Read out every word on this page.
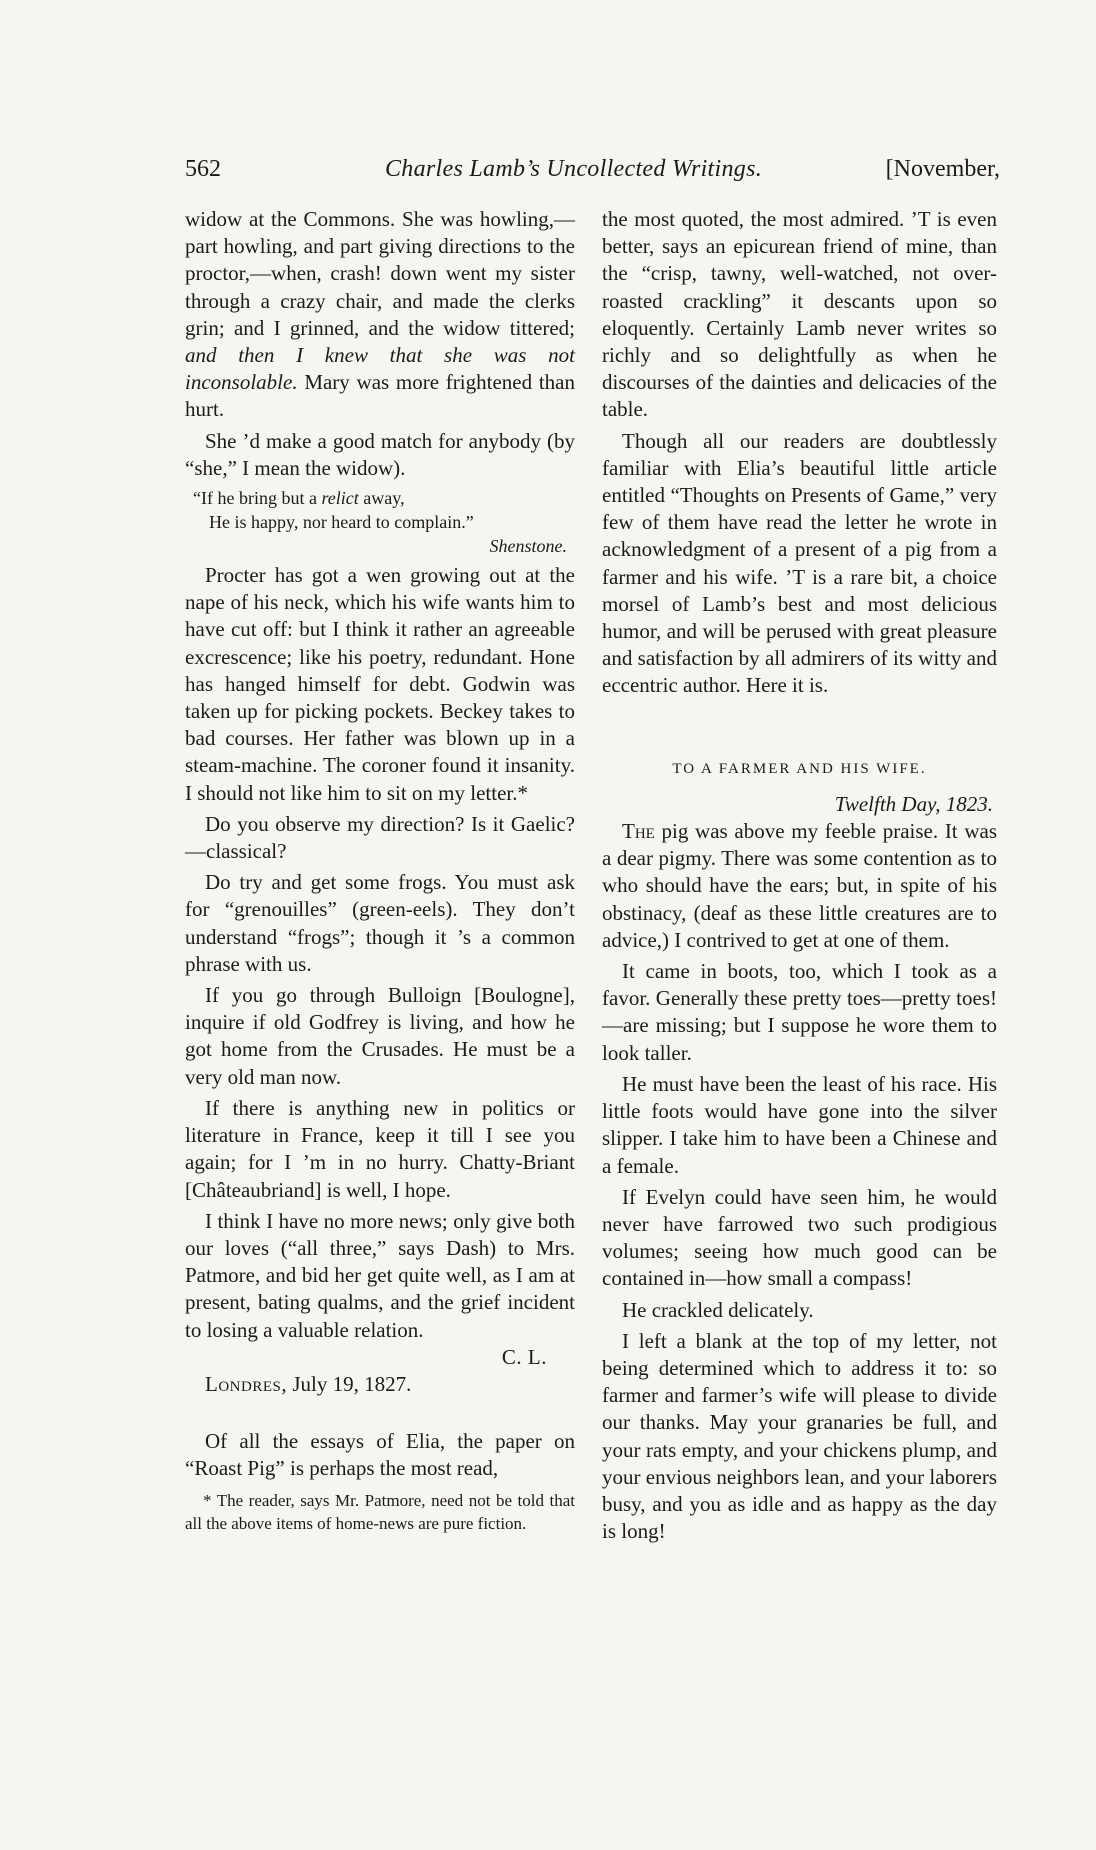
562	Charles Lamb’s Uncollected Writings.	[November,

widow at the Commons. She was howling,—part howling, and part giving directions to the proctor,—when, crash! down went my sister through a crazy chair, and made the clerks grin; and I grinned, and the widow tittered; and then I knew that she was not inconsolable. Mary was more frightened than hurt.

She ’d make a good match for anybody (by “she,” I mean the widow).

“If he bring but a relict away,
He is happy, nor heard to complain.”
Shenstone.

Procter has got a wen growing out at the nape of his neck, which his wife wants him to have cut off: but I think it rather an agreeable excrescence; like his poetry, redundant. Hone has hanged himself for debt. Godwin was taken up for picking pockets. Beckey takes to bad courses. Her father was blown up in a steam-machine. The coroner found it insanity. I should not like him to sit on my letter.*

Do you observe my direction? Is it Gaelic?—classical?

Do try and get some frogs. You must ask for “grenouilles” (green-eels). They don’t understand “frogs”; though it ’s a common phrase with us.

If you go through Bulloign [Boulogne], inquire if old Godfrey is living, and how he got home from the Crusades. He must be a very old man now.

If there is anything new in politics or literature in France, keep it till I see you again; for I ’m in no hurry. Chatty-Briant [Châteaubriand] is well, I hope.

I think I have no more news; only give both our loves (“all three,” says Dash) to Mrs. Patmore, and bid her get quite well, as I am at present, bating qualms, and the grief incident to losing a valuable relation.

C. L.

Londres, July 19, 1827.

Of all the essays of Elia, the paper on “Roast Pig” is perhaps the most read,

* The reader, says Mr. Patmore, need not be told that all the above items of home-news are pure fiction.

the most quoted, the most admired. ’T is even better, says an epicurean friend of mine, than the “crisp, tawny, well-watched, not over-roasted crackling” it descants upon so eloquently. Certainly Lamb never writes so richly and so delightfully as when he discourses of the dainties and delicacies of the table.

Though all our readers are doubtlessly familiar with Elia’s beautiful little article entitled “Thoughts on Presents of Game,” very few of them have read the letter he wrote in acknowledgment of a present of a pig from a farmer and his wife. ’T is a rare bit, a choice morsel of Lamb’s best and most delicious humor, and will be perused with great pleasure and satisfaction by all admirers of its witty and eccentric author. Here it is.

TO A FARMER AND HIS WIFE.
Twelfth Day, 1823.

The pig was above my feeble praise. It was a dear pigmy. There was some contention as to who should have the ears; but, in spite of his obstinacy, (deaf as these little creatures are to advice,) I contrived to get at one of them.

It came in boots, too, which I took as a favor. Generally these pretty toes—pretty toes!—are missing; but I suppose he wore them to look taller.

He must have been the least of his race. His little foots would have gone into the silver slipper. I take him to have been a Chinese and a female.

If Evelyn could have seen him, he would never have farrowed two such prodigious volumes; seeing how much good can be contained in—how small a compass!

He crackled delicately.

I left a blank at the top of my letter, not being determined which to address it to: so farmer and farmer’s wife will please to divide our thanks. May your granaries be full, and your rats empty, and your chickens plump, and your envious neighbors lean, and your laborers busy, and you as idle and as happy as the day is long!
